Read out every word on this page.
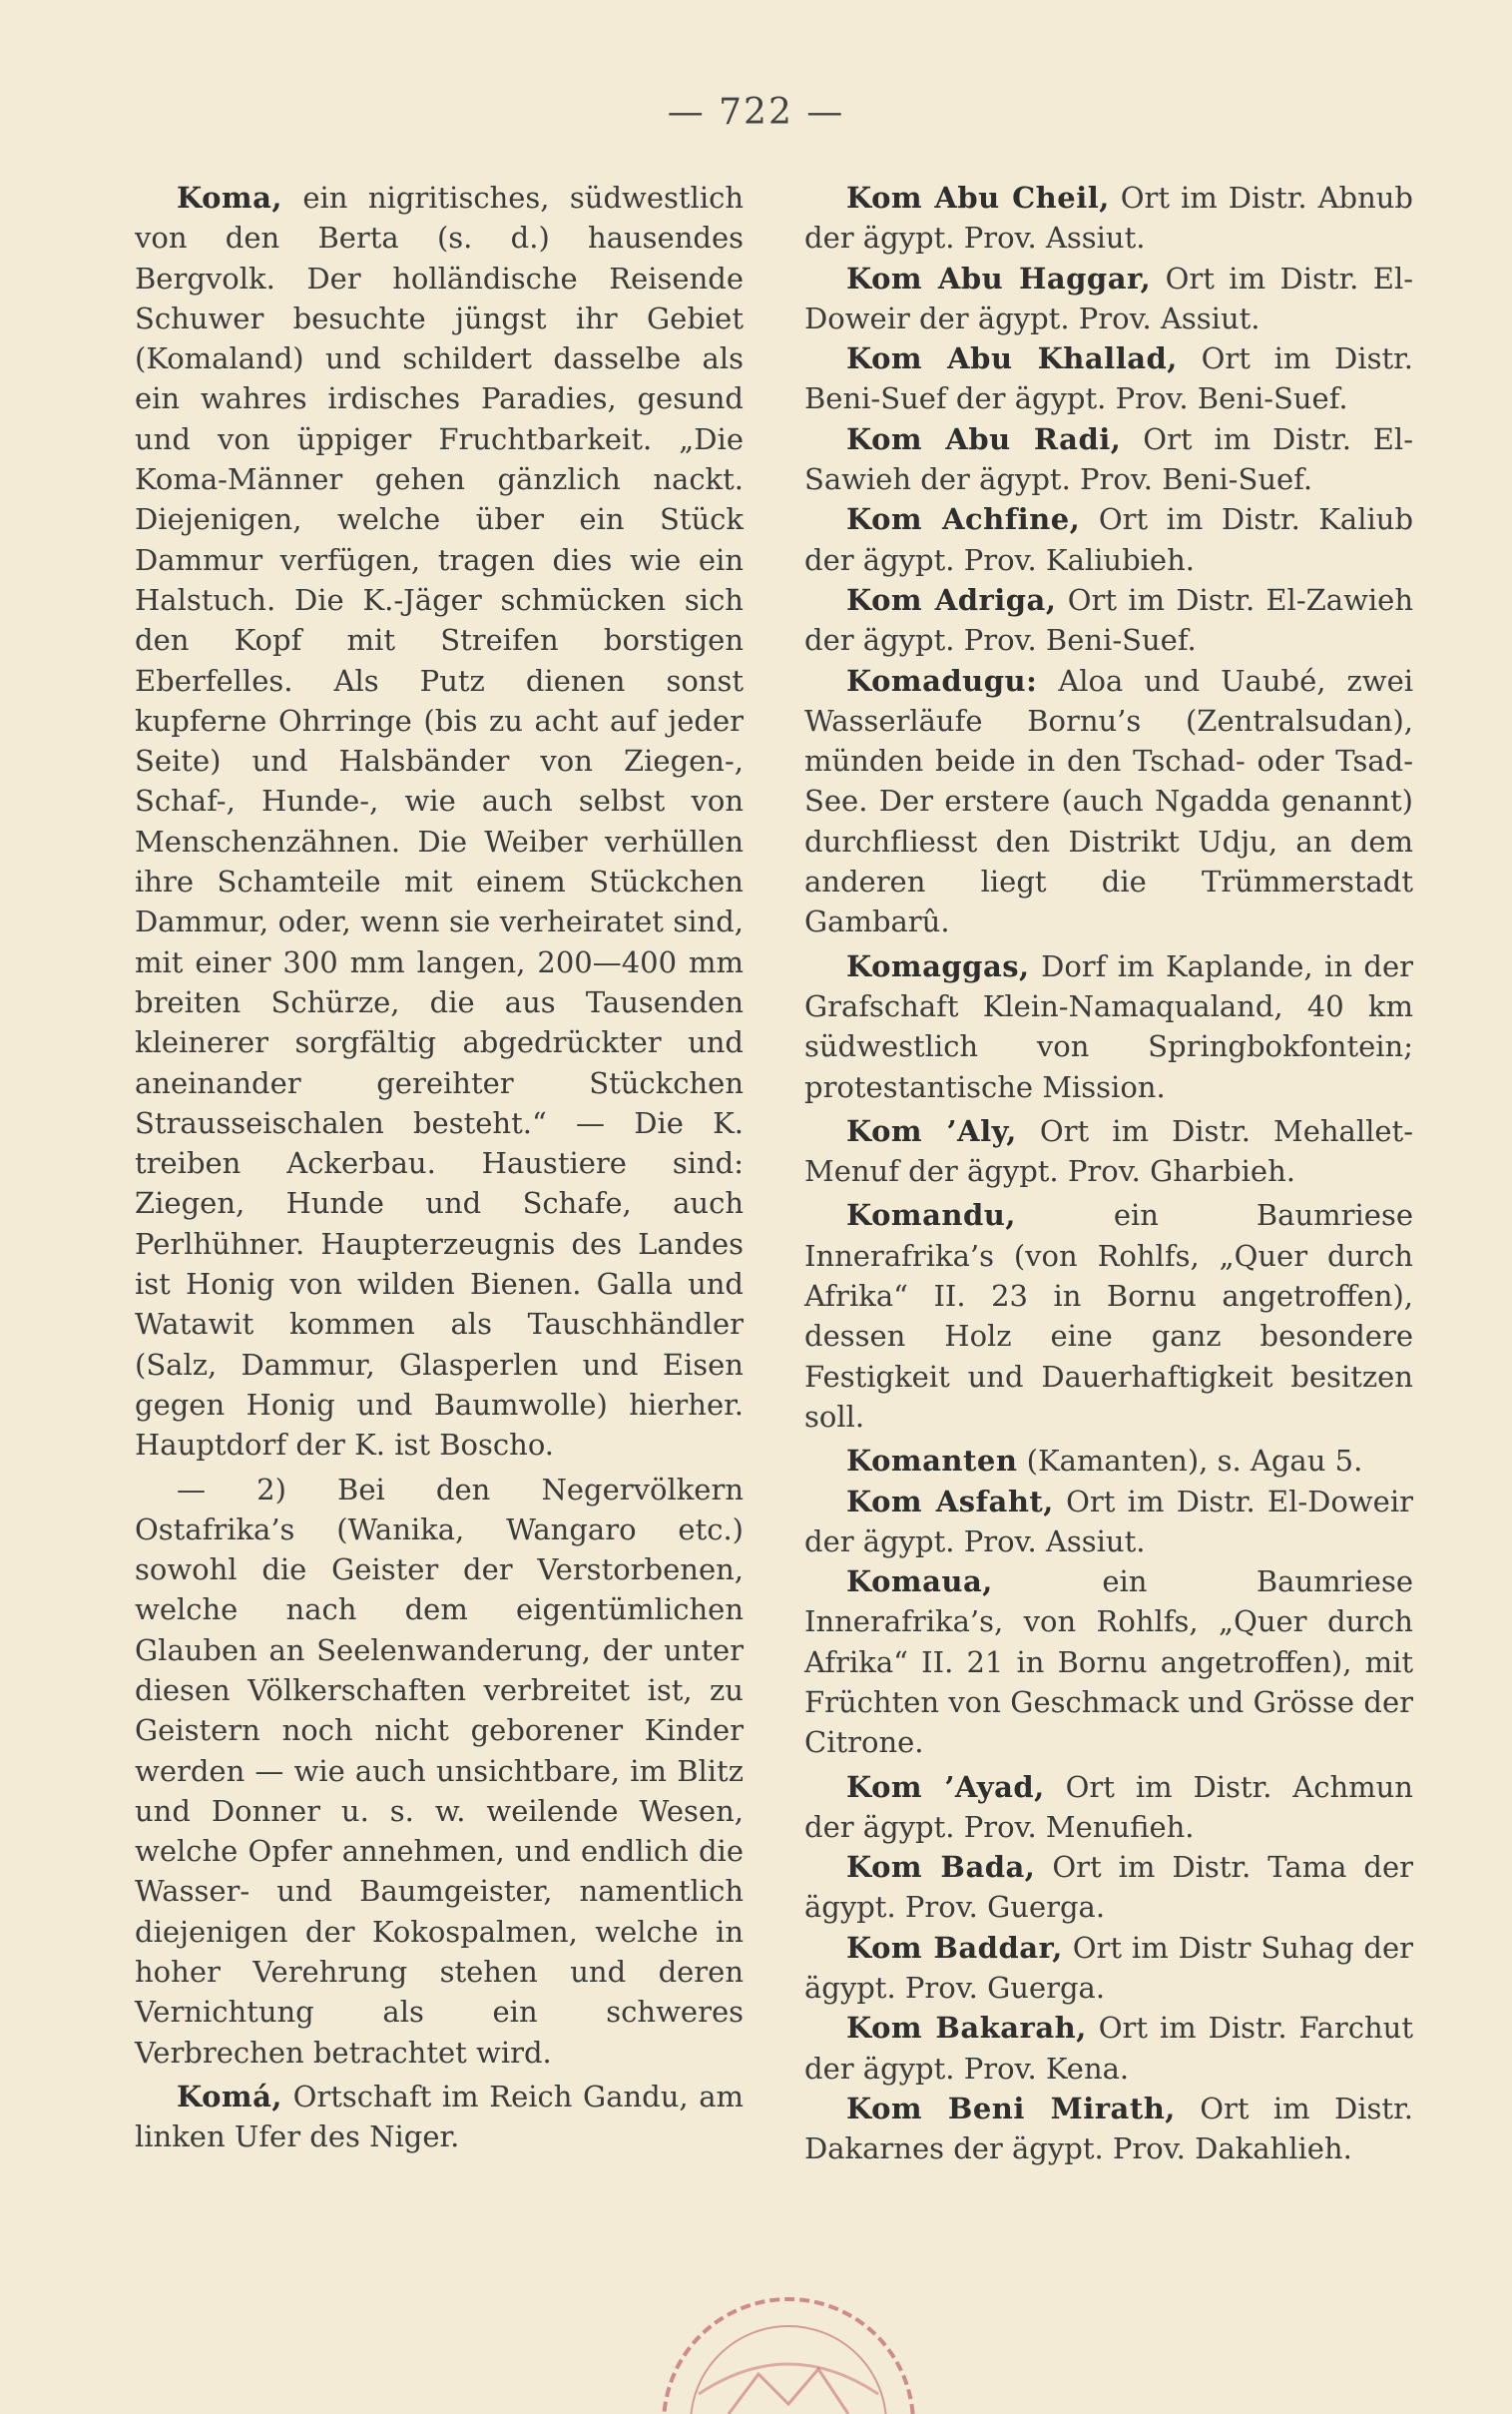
— 722 —

Koma, ein nigritisches, südwestlich von den Berta (s. d.) hausendes Bergvolk. Der holländische Reisende Schuwer besuchte jüngst ihr Gebiet (Komaland) und schildert dasselbe als ein wahres irdisches Paradies, gesund und von üppiger Fruchtbarkeit. „Die Koma-Männer gehen gänzlich nackt. Diejenigen, welche über ein Stück Dammur verfügen, tragen dies wie ein Halstuch. Die K.-Jäger schmücken sich den Kopf mit Streifen borstigen Eberfelles. Als Putz dienen sonst kupferne Ohrringe (bis zu acht auf jeder Seite) und Halsbänder von Ziegen-, Schaf-, Hunde-, wie auch selbst von Menschenzähnen. Die Weiber verhüllen ihre Schamteile mit einem Stückchen Dammur, oder, wenn sie verheiratet sind, mit einer 300 mm langen, 200—400 mm breiten Schürze, die aus Tausenden kleinerer sorgfältig abgedrückter und aneinander gereihter Stückchen Strausseischalen besteht.“ — Die K. treiben Ackerbau. Haustiere sind: Ziegen, Hunde und Schafe, auch Perlhühner. Haupterzeugnis des Landes ist Honig von wilden Bienen. Galla und Watawit kommen als Tauschhändler (Salz, Dammur, Glasperlen und Eisen gegen Honig und Baumwolle) hierher. Hauptdorf der K. ist Boscho.

— 2) Bei den Negervölkern Ostafrika’s (Wanika, Wangaro etc.) sowohl die Geister der Verstorbenen, welche nach dem eigentümlichen Glauben an Seelenwanderung, der unter diesen Völkerschaften verbreitet ist, zu Geistern noch nicht geborener Kinder werden — wie auch unsichtbare, im Blitz und Donner u. s. w. weilende Wesen, welche Opfer annehmen, und endlich die Wasser- und Baumgeister, namentlich diejenigen der Kokospalmen, welche in hoher Verehrung stehen und deren Vernichtung als ein schweres Verbrechen betrachtet wird.

Komá, Ortschaft im Reich Gandu, am linken Ufer des Niger.

Kom Abu Cheil, Ort im Distr. Abnub der ägypt. Prov. Assiut.

Kom Abu Haggar, Ort im Distr. El-Doweir der ägypt. Prov. Assiut.

Kom Abu Khallad, Ort im Distr. Beni-Suef der ägypt. Prov. Beni-Suef.

Kom Abu Radi, Ort im Distr. El-Sawieh der ägypt. Prov. Beni-Suef.

Kom Achfine, Ort im Distr. Kaliub der ägypt. Prov. Kaliubieh.

Kom Adriga, Ort im Distr. El-Zawieh der ägypt. Prov. Beni-Suef.

Komadugu: Aloa und Uaubé, zwei Wasserläufe Bornu’s (Zentralsudan), münden beide in den Tschad- oder Tsad-See. Der erstere (auch Ngadda genannt) durchfliesst den Distrikt Udju, an dem anderen liegt die Trümmerstadt Gambarû.

Komaggas, Dorf im Kaplande, in der Grafschaft Klein-Namaqualand, 40 km südwestlich von Springbokfontein; protestantische Mission.

Kom ’Aly, Ort im Distr. Mehallet-Menuf der ägypt. Prov. Gharbieh.

Komandu,	ein Baumriese Innerafrika’s (von Rohlfs, „Quer durch Afrika“ II. 23 in Bornu angetroffen), dessen Holz eine ganz besondere Festigkeit und Dauerhaftigkeit besitzen soll.

Komanten (Kamanten), s. Agau 5.

Kom Asfaht, Ort im Distr. El-Doweir der ägypt. Prov. Assiut.

Komaua,	ein Baumriese Innerafrika’s, von Rohlfs, „Quer durch Afrika“ II. 21 in Bornu angetroffen), mit Früchten von Geschmack und Grösse der Citrone.

Kom ’Ayad, Ort im Distr. Achmun der ägypt. Prov. Menufieh.

Kom Bada, Ort im Distr. Tama der ägypt. Prov. Guerga.

Kom Baddar, Ort im Distr Suhag der ägypt. Prov. Guerga.

Kom Bakarah, Ort im Distr. Farchut der ägypt. Prov. Kena.

Kom Beni Mirath, Ort im Distr. Dakarnes der ägypt. Prov. Dakahlieh.
